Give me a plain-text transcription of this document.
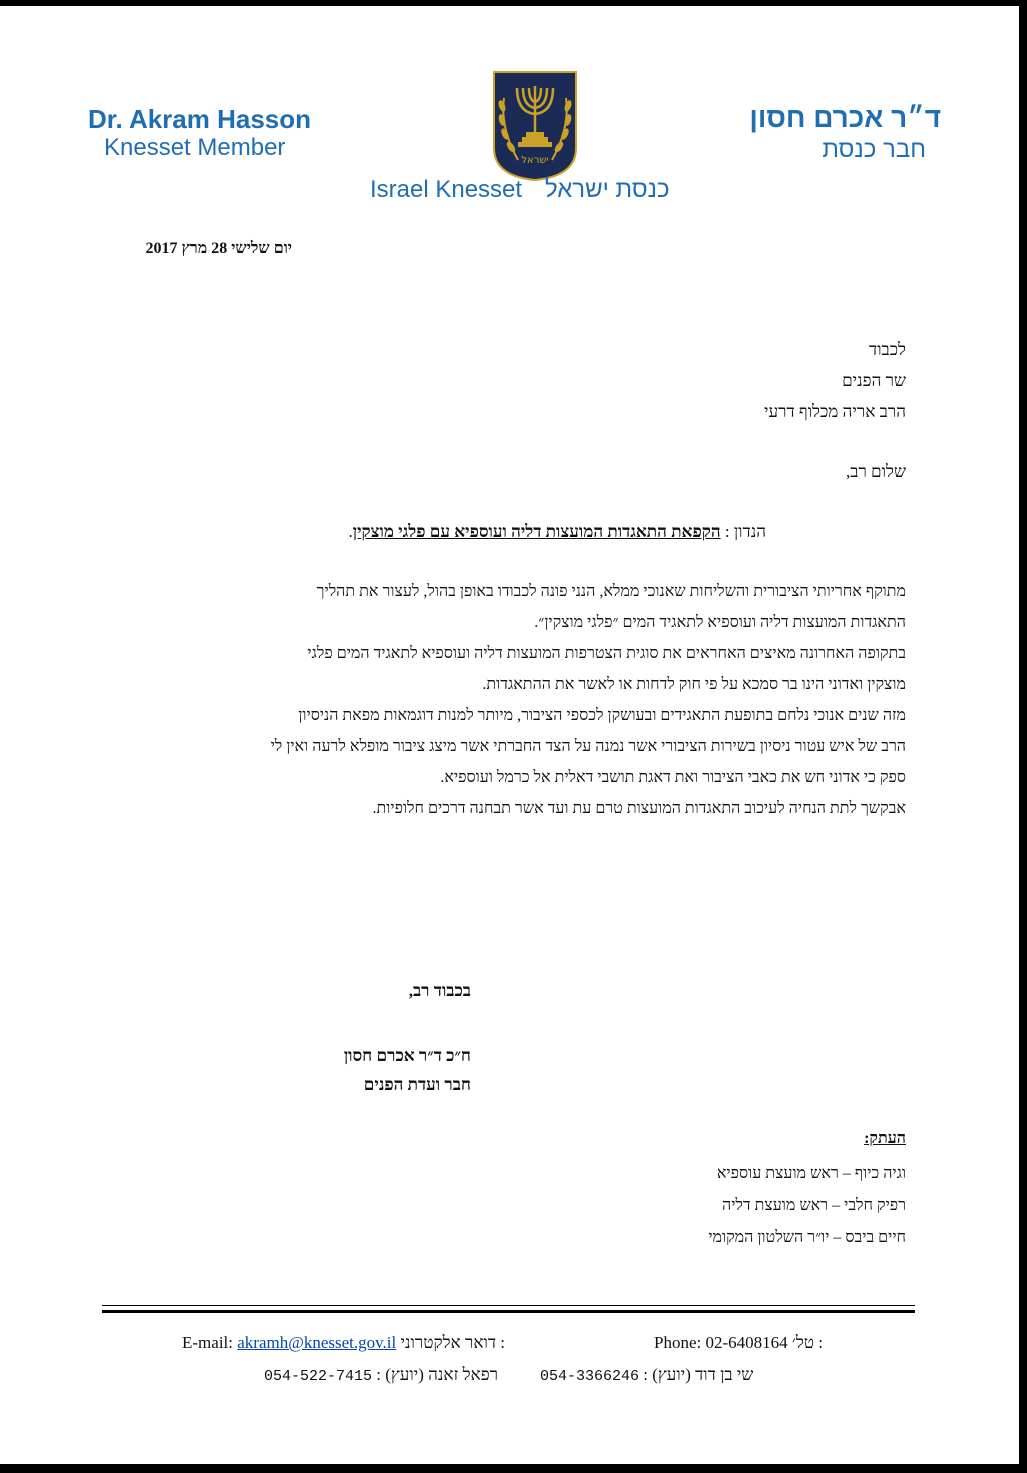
Dr. Akram Hasson
Knesset Member
ד״ר אכרם חסון
חבר כנסת
ישראל
Israel Knesset כנסת ישראל
יום שלישי 28 מרץ 2017
לכבוד
שר הפנים
הרב אריה מכלוף דרעי
שלום רב,
הנדון : הקפאת התאגדות המועצות דליה ועוספיא עם פלגי מוצקין.
מתוקף אחריותי הציבורית והשליחות שאנוכי ממלא, הנני פונה לכבודו באופן בהול, לעצור את תהליך
התאגדות המועצות דליה ועוספיא לתאגיד המים ״פלגי מוצקין״.
בתקופה האחרונה מאיצים האחראים את סוגית הצטרפות המועצות דליה ועוספיא לתאגיד המים פלגי
מוצקין ואדוני הינו בר סמכא על פי חוק לדחות או לאשר את ההתאגדות.
מזה שנים אנוכי נלחם בתופעת התאגידים ובעושקן לכספי הציבור, מיותר למנות דוגמאות מפאת הניסיון
הרב של איש עטור ניסיון בשירות הציבורי אשר נמנה על הצד החברתי אשר מיצג ציבור מופלא לרעה ואין לי
ספק כי אדוני חש את כאבי הציבור ואת דאגת תושבי דאלית אל כרמל ועוספיא.
אבקשך לתת הנחיה לעיכוב התאגדות המועצות טרם עת ועד אשר תבחנה דרכים חלופיות.
בכבוד רב,
ח״כ ד״ר אכרם חסון
חבר ועדת הפנים
העתק:
וגיה כיוף – ראש מועצת עוספיא
רפיק חלבי – ראש מועצת דליה
חיים ביבס – יו״ר השלטון המקומי
E-mail: akramh@knesset.gov.il : דואר אלקטרוני	Phone: 02-6408164 : טל׳
054-3366246 שי בן דוד (יועץ) :
054-522-7415 רפאל זאנה (יועץ) :
